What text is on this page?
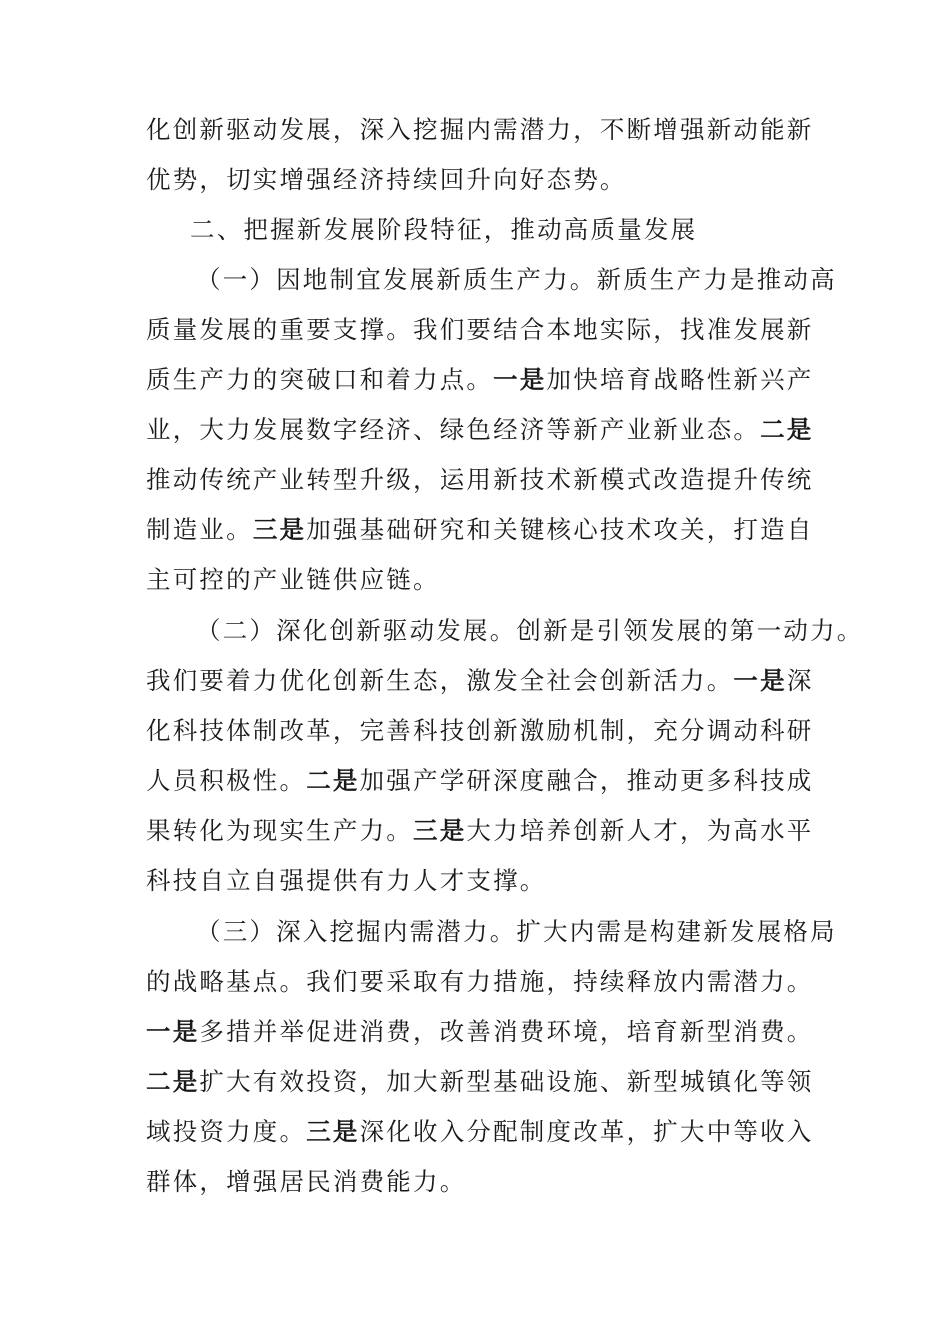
化创新驱动发展，深入挖掘内需潜力，不断增强新动能新
优势，切实增强经济持续回升向好态势。
二、把握新发展阶段特征，推动高质量发展
（一）因地制宜发展新质生产力。新质生产力是推动高
质量发展的重要支撑。我们要结合本地实际，找准发展新
质生产力的突破口和着力点。一是加快培育战略性新兴产
业，大力发展数字经济、绿色经济等新产业新业态。二是
推动传统产业转型升级，运用新技术新模式改造提升传统
制造业。三是加强基础研究和关键核心技术攻关，打造自
主可控的产业链供应链。
（二）深化创新驱动发展。创新是引领发展的第一动力。
我们要着力优化创新生态，激发全社会创新活力。一是深
化科技体制改革，完善科技创新激励机制，充分调动科研
人员积极性。二是加强产学研深度融合，推动更多科技成
果转化为现实生产力。三是大力培养创新人才，为高水平
科技自立自强提供有力人才支撑。
（三）深入挖掘内需潜力。扩大内需是构建新发展格局
的战略基点。我们要采取有力措施，持续释放内需潜力。
一是多措并举促进消费，改善消费环境，培育新型消费。
二是扩大有效投资，加大新型基础设施、新型城镇化等领
域投资力度。三是深化收入分配制度改革，扩大中等收入
群体，增强居民消费能力。
